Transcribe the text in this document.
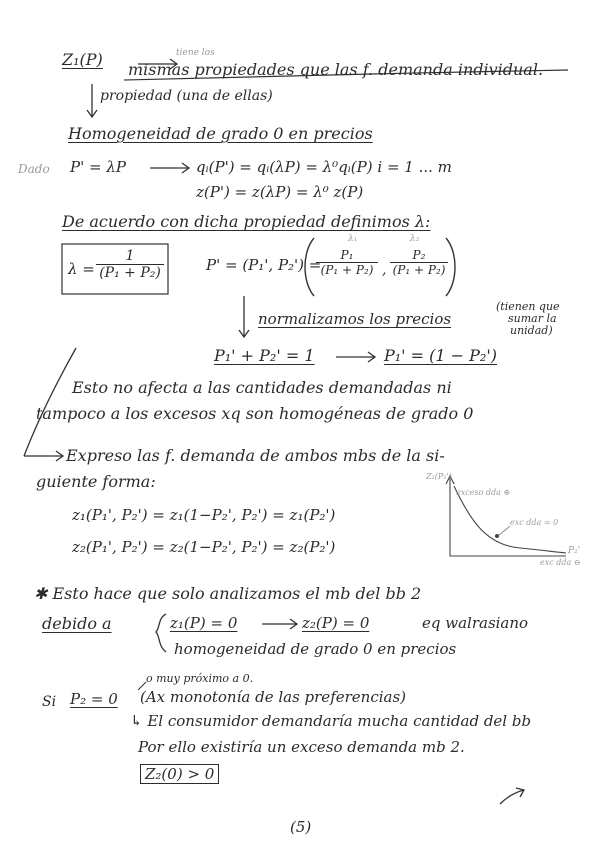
Z₁(P)	tiene los
mismas propiedades que las f. demanda individual.
propiedad (una de ellas)
Homogeneidad de grado 0 en precios
Dado P' = λP	qᵢ(P') = qᵢ(λP) = λ⁰qᵢ(P) i = 1 ... m
z(P') = z(λP) = λ⁰ z(P)
De acuerdo con dicha propiedad definimos λ:
$\lambda = \frac{1}{\text{(P₁ + P₂)}}$	P' = (P₁', P₂') =
λ₁	λ₂
$\frac{\text{P₁}}{\text{(P₁ + P₂)}}$ , $\frac{\text{P₂}}{\text{(P₁ + P₂)}}$
normalizamos los precios
(tienen que
sumar la
unidad)
P₁' + P₂' = 1	P₁' = (1 − P₂')
Esto no afecta a las cantidades demandadas ni
tampoco a los excesos xq son homogéneas de grado 0
Expreso las f. demanda de ambos mbs de la si-
guiente forma:
z₁(P₁', P₂') = z₁(1−P₂', P₂') = z₁(P₂')
z₂(P₁', P₂') = z₂(1−P₂', P₂') = z₂(P₂')
Z₂(P₂')
exceso dda ⊕
exc dda = 0
P₂'
exc dda ⊖
✱ Esto hace que solo analizamos el mb del bb 2
debido a	z₁(P) = 0	z₂(P) = 0	eq walrasiano
homogeneidad de grado 0 en precios
o muy próximo a 0.
Si P₂ = 0 (Ax monotonía de las preferencias)
↳ El consumidor demandaría mucha cantidad del bb
Por ello existiría un exceso demanda mb 2.
Z₂(0) > 0
(5)
